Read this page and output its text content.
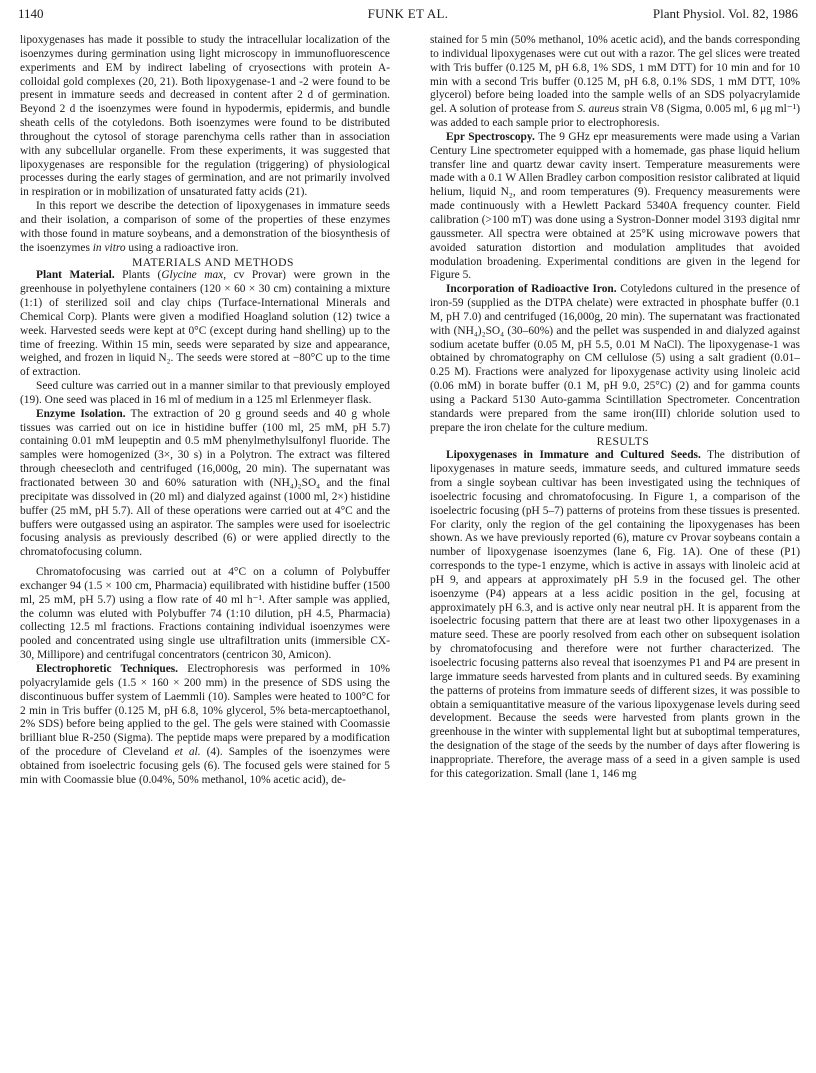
1140	FUNK ET AL.	Plant Physiol. Vol. 82, 1986

lipoxygenases has made it possible to study the intracellular localization of the isoenzymes during germination using light microscopy in immunofluorescence experiments and EM by indirect labeling of cryosections with protein A-colloidal gold complexes (20, 21). Both lipoxygenase-1 and -2 were found to be present in immature seeds and decreased in content after 2 d of germination. Beyond 2 d the isoenzymes were found in hypodermis, epidermis, and bundle sheath cells of the cotyledons. Both isoenzymes were found to be distributed throughout the cytosol of storage parenchyma cells rather than in association with any subcellular organelle. From these experiments, it was suggested that lipoxygenases are responsible for the regulation (triggering) of physiological processes during the early stages of germination, and are not primarily involved in respiration or in mobilization of unsaturated fatty acids (21).

In this report we describe the detection of lipoxygenases in immature seeds and their isolation, a comparison of some of the properties of these enzymes with those found in mature soybeans, and a demonstration of the biosynthesis of the isoenzymes in vitro using a radioactive iron.

MATERIALS AND METHODS

Plant Material. Plants (Glycine max, cv Provar) were grown in the greenhouse in polyethylene containers (120 × 60 × 30 cm) containing a mixture (1:1) of sterilized soil and clay chips (Turface-International Minerals and Chemical Corp). Plants were given a modified Hoagland solution (12) twice a week. Harvested seeds were kept at 0°C (except during hand shelling) up to the time of freezing. Within 15 min, seeds were separated by size and appearance, weighed, and frozen in liquid N₂. The seeds were stored at −80°C up to the time of extraction.

Seed culture was carried out in a manner similar to that previously employed (19). One seed was placed in 16 ml of medium in a 125 ml Erlenmeyer flask.

Enzyme Isolation. The extraction of 20 g ground seeds and 40 g whole tissues was carried out on ice in histidine buffer (100 ml, 25 mM, pH 5.7) containing 0.01 mM leupeptin and 0.5 mM phenylmethylsulfonyl fluoride. The samples were homogenized (3×, 30 s) in a Polytron. The extract was filtered through cheesecloth and centrifuged (16,000g, 20 min). The supernatant was fractionated between 30 and 60% saturation with (NH₄)₂SO₄ and the final precipitate was dissolved in (20 ml) and dialyzed against (1000 ml, 2×) histidine buffer (25 mM, pH 5.7). All of these operations were carried out at 4°C and the buffers were outgassed using an aspirator. The samples were used for isoelectric focusing analysis as previously described (6) or were applied directly to the chromatofocusing column.

Chromatofocusing was carried out at 4°C on a column of Polybuffer exchanger 94 (1.5 × 100 cm, Pharmacia) equilibrated with histidine buffer (1500 ml, 25 mM, pH 5.7) using a flow rate of 40 ml h⁻¹. After sample was applied, the column was eluted with Polybuffer 74 (1:10 dilution, pH 4.5, Pharmacia) collecting 12.5 ml fractions. Fractions containing individual isoenzymes were pooled and concentrated using single use ultrafiltration units (immersible CX-30, Millipore) and centrifugal concentrators (centricon 30, Amicon).

Electrophoretic Techniques. Electrophoresis was performed in 10% polyacrylamide gels (1.5 × 160 × 200 mm) in the presence of SDS using the discontinuous buffer system of Laemmli (10). Samples were heated to 100°C for 2 min in Tris buffer (0.125 M, pH 6.8, 10% glycerol, 5% beta-mercaptoethanol, 2% SDS) before being applied to the gel. The gels were stained with Coomassie brilliant blue R-250 (Sigma). The peptide maps were prepared by a modification of the procedure of Cleveland et al. (4). Samples of the isoenzymes were obtained from isoelectric focusing gels (6). The focused gels were stained for 5 min with Coomassie blue (0.04%, 50% methanol, 10% acetic acid), de-

stained for 5 min (50% methanol, 10% acetic acid), and the bands corresponding to individual lipoxygenases were cut out with a razor. The gel slices were treated with Tris buffer (0.125 M, pH 6.8, 1% SDS, 1 mM DTT) for 10 min and for 10 min with a second Tris buffer (0.125 M, pH 6.8, 0.1% SDS, 1 mM DTT, 10% glycerol) before being loaded into the sample wells of an SDS polyacrylamide gel. A solution of protease from S. aureus strain V8 (Sigma, 0.005 ml, 6 μg ml⁻¹) was added to each sample prior to electrophoresis.

Epr Spectroscopy. The 9 GHz epr measurements were made using a Varian Century Line spectrometer equipped with a homemade, gas phase liquid helium transfer line and quartz dewar cavity insert. Temperature measurements were made with a 0.1 W Allen Bradley carbon composition resistor calibrated at liquid helium, liquid N₂, and room temperatures (9). Frequency measurements were made continuously with a Hewlett Packard 5340A frequency counter. Field calibration (>100 mT) was done using a Systron-Donner model 3193 digital nmr gaussmeter. All spectra were obtained at 25°K using microwave powers that avoided saturation distortion and modulation amplitudes that avoided modulation broadening. Experimental conditions are given in the legend for Figure 5.

Incorporation of Radioactive Iron. Cotyledons cultured in the presence of iron-59 (supplied as the DTPA chelate) were extracted in phosphate buffer (0.1 M, pH 7.0) and centrifuged (16,000g, 20 min). The supernatant was fractionated with (NH₄)₂SO₄ (30–60%) and the pellet was suspended in and dialyzed against sodium acetate buffer (0.05 M, pH 5.5, 0.01 M NaCl). The lipoxygenase-1 was obtained by chromatography on CM cellulose (5) using a salt gradient (0.01–0.25 M). Fractions were analyzed for lipoxygenase activity using linoleic acid (0.06 mM) in borate buffer (0.1 M, pH 9.0, 25°C) (2) and for gamma counts using a Packard 5130 Auto-gamma Scintillation Spectrometer. Concentration standards were prepared from the same iron(III) chloride solution used to prepare the iron chelate for the culture medium.

RESULTS

Lipoxygenases in Immature and Cultured Seeds. The distribution of lipoxygenases in mature seeds, immature seeds, and cultured immature seeds from a single soybean cultivar has been investigated using the techniques of isoelectric focusing and chromatofocusing. In Figure 1, a comparison of the isoelectric focusing (pH 5–7) patterns of proteins from these tissues is presented. For clarity, only the region of the gel containing the lipoxygenases has been shown. As we have previously reported (6), mature cv Provar soybeans contain a number of lipoxygenase isoenzymes (lane 6, Fig. 1A). One of these (P1) corresponds to the type-1 enzyme, which is active in assays with linoleic acid at pH 9, and appears at approximately pH 5.9 in the focused gel. The other isoenzyme (P4) appears at a less acidic position in the gel, focusing at approximately pH 6.3, and is active only near neutral pH. It is apparent from the isoelectric focusing pattern that there are at least two other lipoxygenases in a mature seed. These are poorly resolved from each other on subsequent isolation by chromatofocusing and therefore were not further characterized. The isoelectric focusing patterns also reveal that isoenzymes P1 and P4 are present in large immature seeds harvested from plants and in cultured seeds. By examining the patterns of proteins from immature seeds of different sizes, it was possible to obtain a semiquantitative measure of the various lipoxygenase levels during seed development. Because the seeds were harvested from plants grown in the greenhouse in the winter with supplemental light but at suboptimal temperatures, the designation of the stage of the seeds by the number of days after flowering is inappropriate. Therefore, the average mass of a seed in a given sample is used for this categorization. Small (lane 1, 146 mg
